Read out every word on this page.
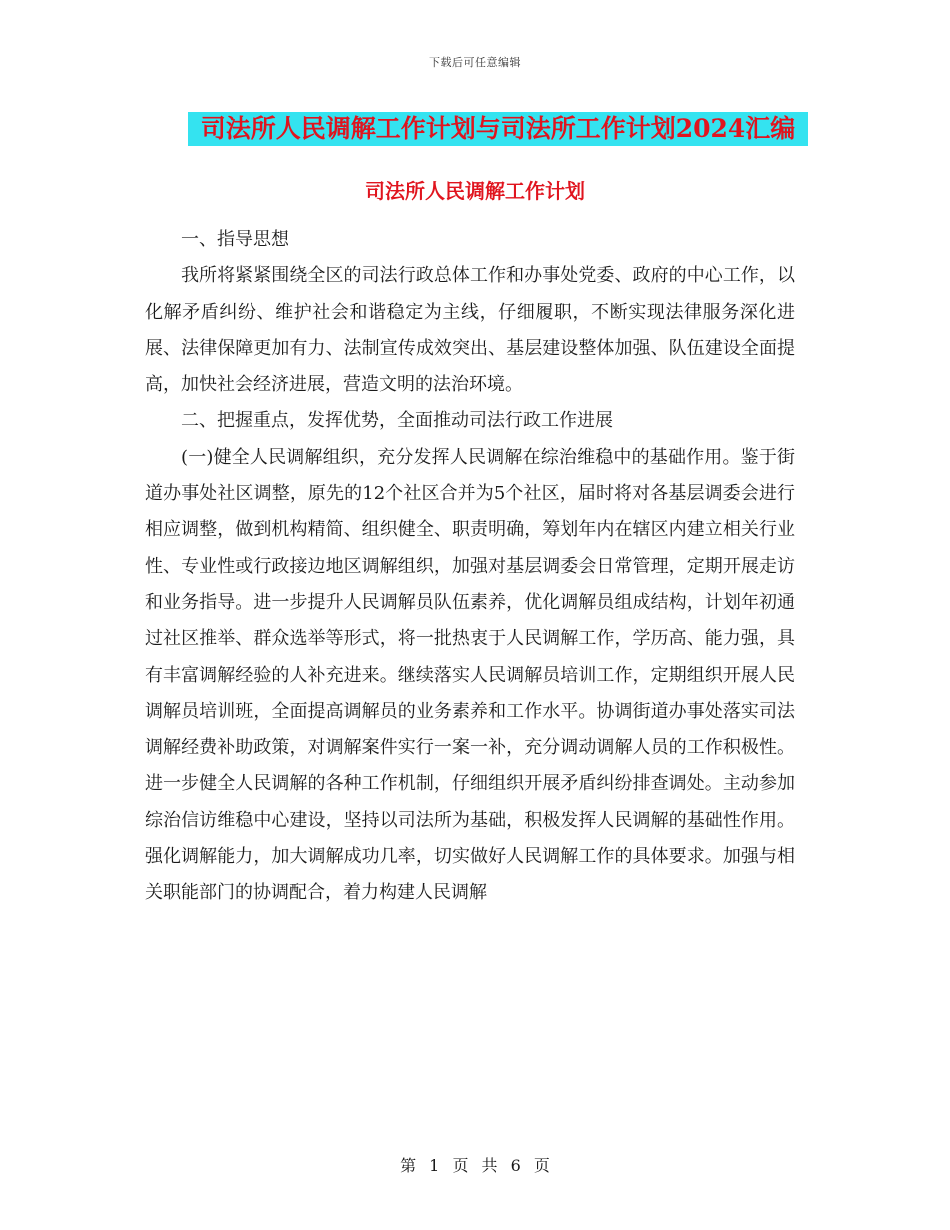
下载后可任意编辑
司法所人民调解工作计划与司法所工作计划2024汇编
司法所人民调解工作计划

一、指导思想

我所将紧紧围绕全区的司法行政总体工作和办事处党委、政府的中心工作，以化解矛盾纠纷、维护社会和谐稳定为主线，仔细履职，不断实现法律服务深化进展、法律保障更加有力、法制宣传成效突出、基层建设整体加强、队伍建设全面提高，加快社会经济进展，营造文明的法治环境。

二、把握重点，发挥优势，全面推动司法行政工作进展

(一)健全人民调解组织，充分发挥人民调解在综治维稳中的基础作用。鉴于街道办事处社区调整，原先的12个社区合并为5个社区，届时将对各基层调委会进行相应调整，做到机构精简、组织健全、职责明确，筹划年内在辖区内建立相关行业性、专业性或行政接边地区调解组织，加强对基层调委会日常管理，定期开展走访和业务指导。进一步提升人民调解员队伍素养，优化调解员组成结构，计划年初通过社区推举、群众选举等形式，将一批热衷于人民调解工作，学历高、能力强，具有丰富调解经验的人补充进来。继续落实人民调解员培训工作，定期组织开展人民调解员培训班，全面提高调解员的业务素养和工作水平。协调街道办事处落实司法调解经费补助政策，对调解案件实行一案一补，充分调动调解人员的工作积极性。进一步健全人民调解的各种工作机制，仔细组织开展矛盾纠纷排查调处。主动参加综治信访维稳中心建设，坚持以司法所为基础，积极发挥人民调解的基础性作用。强化调解能力，加大调解成功几率，切实做好人民调解工作的具体要求。加强与相关职能部门的协调配合，着力构建人民调解

第 1 页 共 6 页
